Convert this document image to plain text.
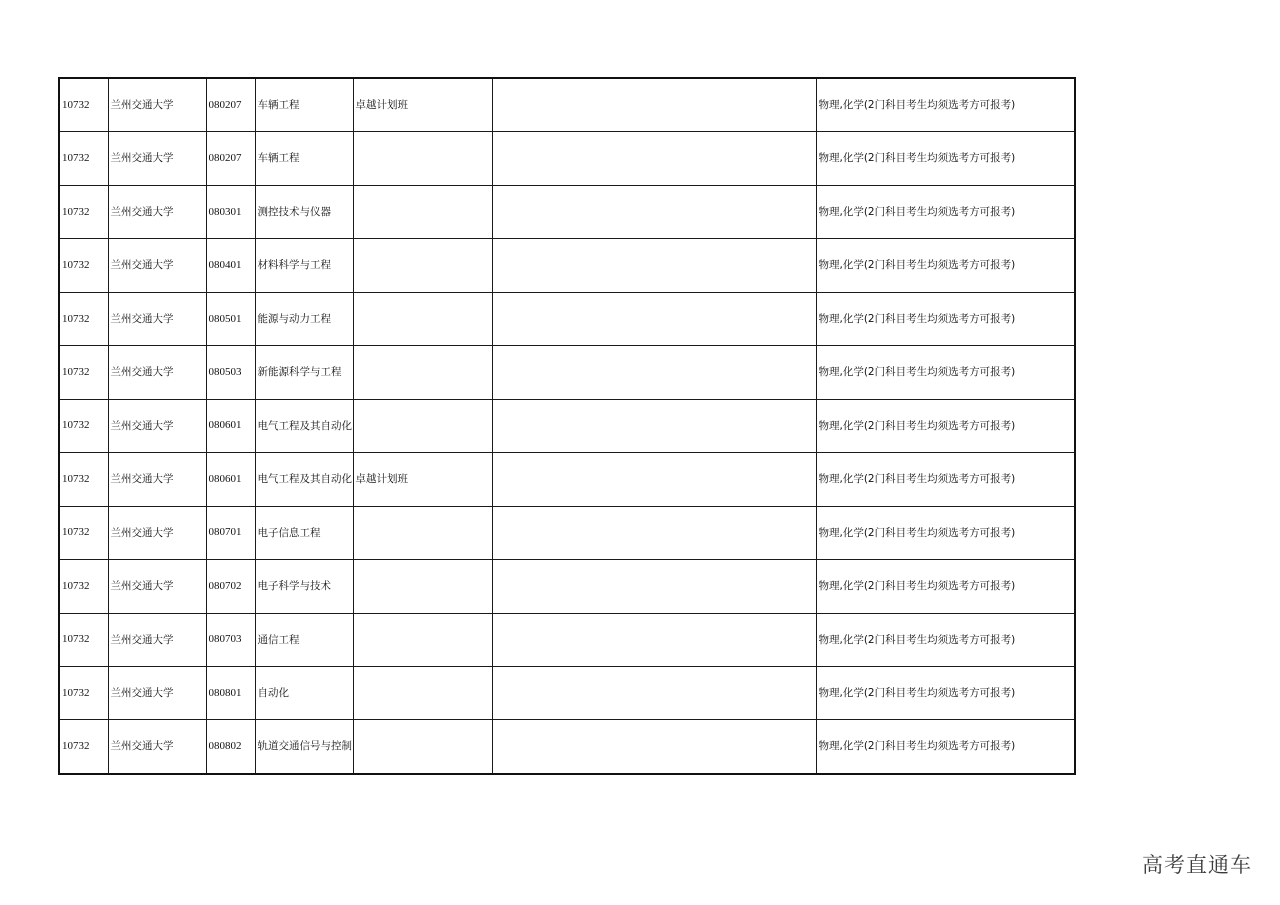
10732	兰州交通大学	080207	车辆工程	卓越计划班		物理,化学(2门科目考生均须选考方可报考)
10732	兰州交通大学	080207	车辆工程			物理,化学(2门科目考生均须选考方可报考)
10732	兰州交通大学	080301	测控技术与仪器			物理,化学(2门科目考生均须选考方可报考)
10732	兰州交通大学	080401	材料科学与工程			物理,化学(2门科目考生均须选考方可报考)
10732	兰州交通大学	080501	能源与动力工程			物理,化学(2门科目考生均须选考方可报考)
10732	兰州交通大学	080503	新能源科学与工程			物理,化学(2门科目考生均须选考方可报考)
10732	兰州交通大学	080601	电气工程及其自动化			物理,化学(2门科目考生均须选考方可报考)
10732	兰州交通大学	080601	电气工程及其自动化	卓越计划班		物理,化学(2门科目考生均须选考方可报考)
10732	兰州交通大学	080701	电子信息工程			物理,化学(2门科目考生均须选考方可报考)
10732	兰州交通大学	080702	电子科学与技术			物理,化学(2门科目考生均须选考方可报考)
10732	兰州交通大学	080703	通信工程			物理,化学(2门科目考生均须选考方可报考)
10732	兰州交通大学	080801	自动化			物理,化学(2门科目考生均须选考方可报考)
10732	兰州交通大学	080802	轨道交通信号与控制			物理,化学(2门科目考生均须选考方可报考)
高考直通车
